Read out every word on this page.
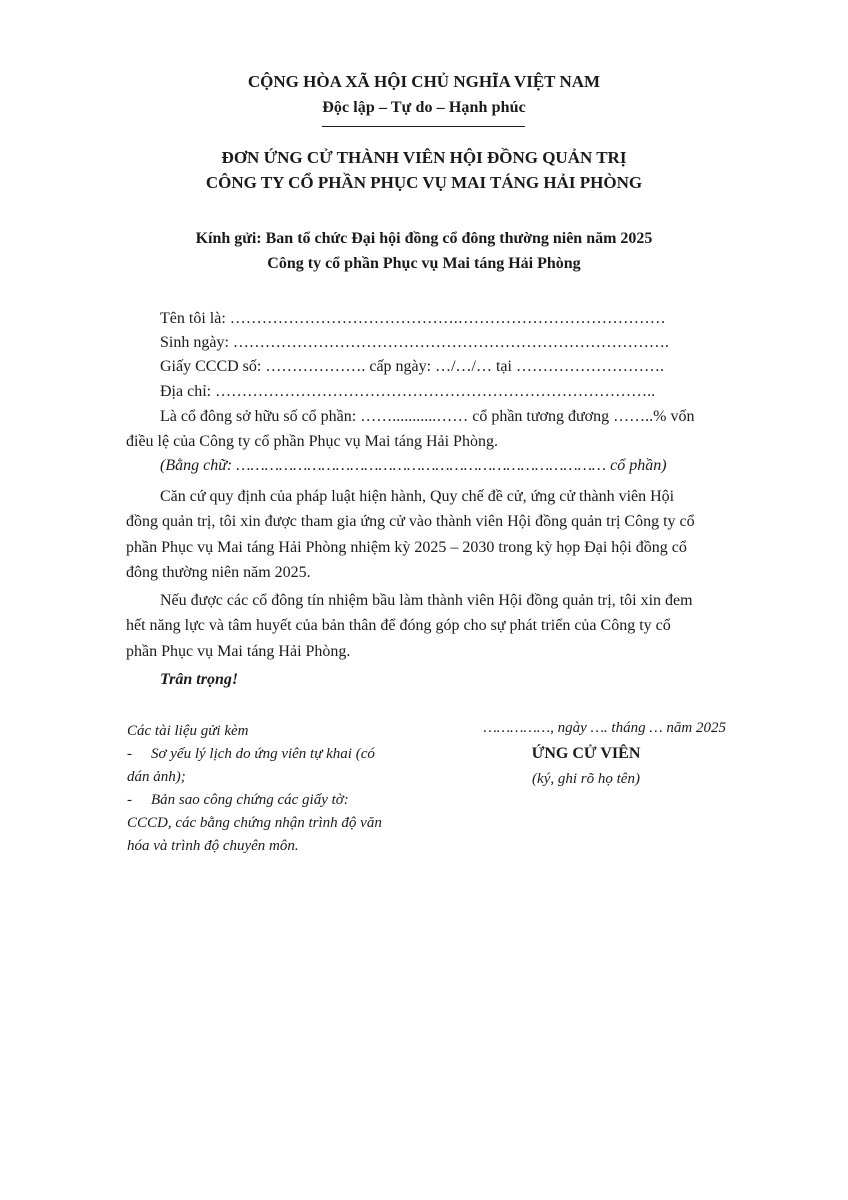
CỘNG HÒA XÃ HỘI CHỦ NGHĨA VIỆT NAM
Độc lập – Tự do – Hạnh phúc
ĐƠN ỨNG CỬ THÀNH VIÊN HỘI ĐỒNG QUẢN TRỊ
CÔNG TY CỔ PHẦN PHỤC VỤ MAI TÁNG HẢI PHÒNG
Kính gửi: Ban tổ chức Đại hội đồng cổ đông thường niên năm 2025
Công ty cổ phần Phục vụ Mai táng Hải Phòng
Tên tôi là: …………………………………….…………………………………
Sinh ngày: ……………………………………………………………………….
Giấy CCCD số: ………………. cấp ngày: …/…/… tại ……………………….
Địa chỉ: ………………………………………………………………………..
Là cổ đông sở hữu số cổ phần: ……...........…… cổ phần tương đương ……..% vốn
điều lệ của Công ty cổ phần Phục vụ Mai táng Hải Phòng.
(Bằng chữ: …………………………………………………………………… cổ phần)
Căn cứ quy định của pháp luật hiện hành, Quy chế đề cử, ứng cử thành viên Hội
đồng quản trị, tôi xin được tham gia ứng cử vào thành viên Hội đồng quản trị Công ty cổ
phần Phục vụ Mai táng Hải Phòng nhiệm kỳ 2025 – 2030 trong kỳ họp Đại hội đồng cổ
đông thường niên năm 2025.
Nếu được các cổ đông tín nhiệm bầu làm thành viên Hội đồng quản trị, tôi xin đem
hết năng lực và tâm huyết của bản thân để đóng góp cho sự phát triển của Công ty cổ
phần Phục vụ Mai táng Hải Phòng.
Trân trọng!
Các tài liệu gửi kèm
- Sơ yếu lý lịch do ứng viên tự khai (có
dán ảnh);
- Bản sao công chứng các giấy tờ:
CCCD, các bằng chứng nhận trình độ văn
hóa và trình độ chuyên môn.
……………, ngày …. tháng … năm 2025
ỨNG CỬ VIÊN
(ký, ghi rõ họ tên)
